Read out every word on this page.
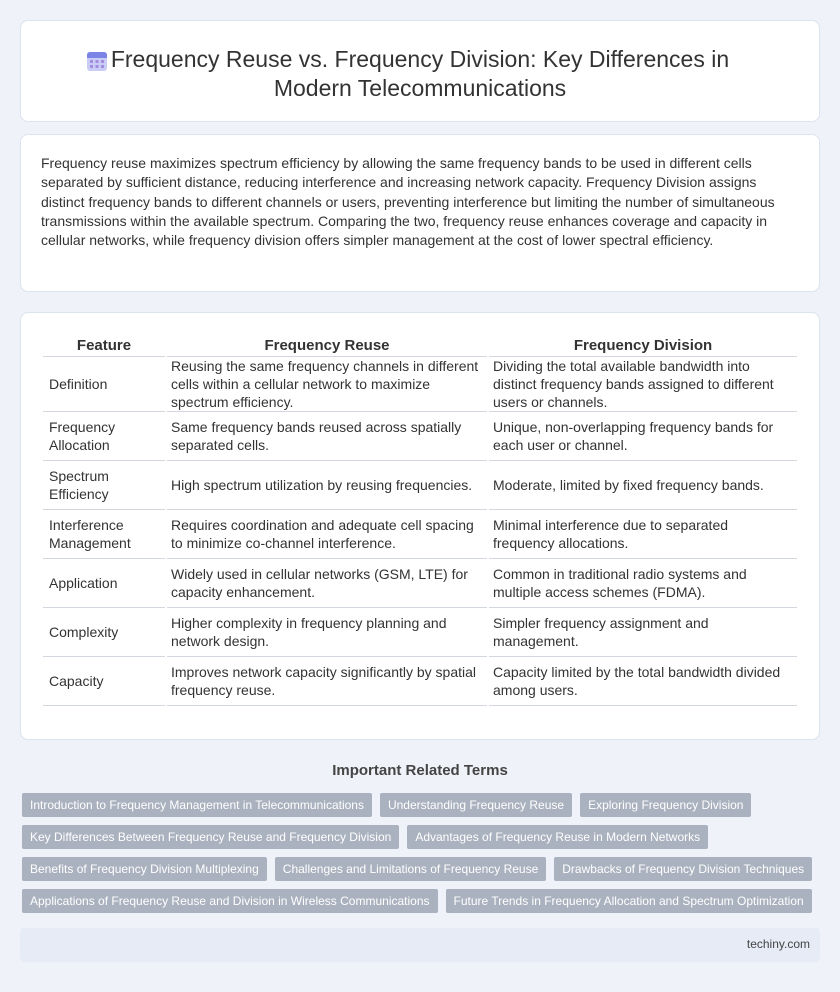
Frequency Reuse vs. Frequency Division: Key Differences in Modern Telecommunications

Frequency reuse maximizes spectrum efficiency by allowing the same frequency bands to be used in different cells separated by sufficient distance, reducing interference and increasing network capacity. Frequency Division assigns distinct frequency bands to different channels or users, preventing interference but limiting the number of simultaneous transmissions within the available spectrum. Comparing the two, frequency reuse enhances coverage and capacity in cellular networks, while frequency division offers simpler management at the cost of lower spectral efficiency.

Feature	Frequency Reuse	Frequency Division
Definition	Reusing the same frequency channels in different cells within a cellular network to maximize spectrum efficiency.	Dividing the total available bandwidth into distinct frequency bands assigned to different users or channels.
Frequency Allocation	Same frequency bands reused across spatially separated cells.	Unique, non-overlapping frequency bands for each user or channel.
Spectrum Efficiency	High spectrum utilization by reusing frequencies.	Moderate, limited by fixed frequency bands.
Interference Management	Requires coordination and adequate cell spacing to minimize co-channel interference.	Minimal interference due to separated frequency allocations.
Application	Widely used in cellular networks (GSM, LTE) for capacity enhancement.	Common in traditional radio systems and multiple access schemes (FDMA).
Complexity	Higher complexity in frequency planning and network design.	Simpler frequency assignment and management.
Capacity	Improves network capacity significantly by spatial frequency reuse.	Capacity limited by the total bandwidth divided among users.
Important Related Terms
Introduction to Frequency Management in Telecommunications	Understanding Frequency Reuse	Exploring Frequency Division
Key Differences Between Frequency Reuse and Frequency Division	Advantages of Frequency Reuse in Modern Networks
Benefits of Frequency Division Multiplexing	Challenges and Limitations of Frequency Reuse	Drawbacks of Frequency Division Techniques
Applications of Frequency Reuse and Division in Wireless Communications	Future Trends in Frequency Allocation and Spectrum Optimization
techiny.com
